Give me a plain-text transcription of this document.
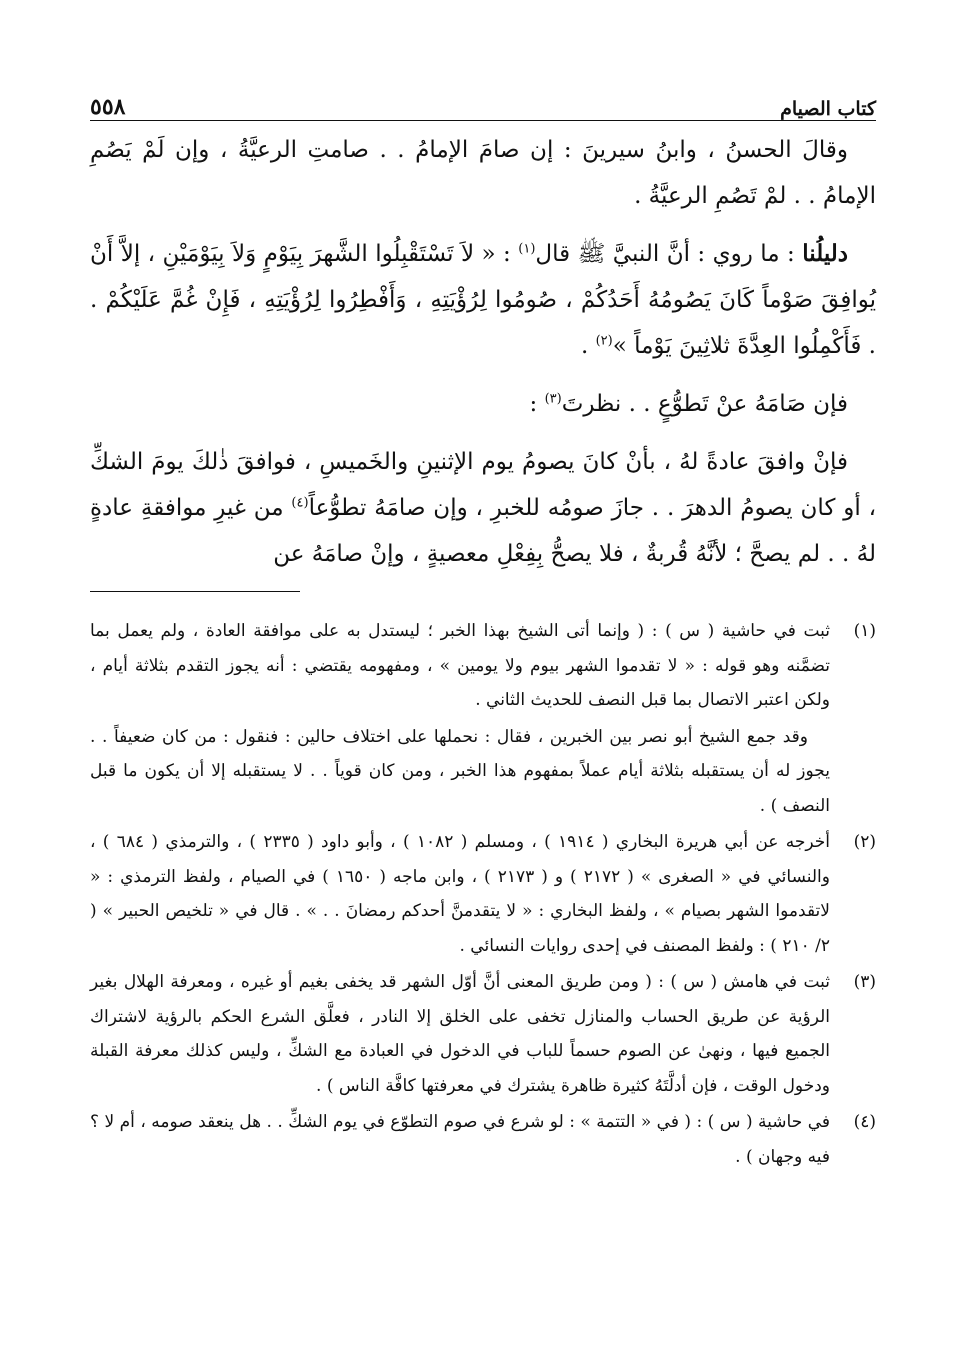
كتاب الصيام
٥٥٨

وقالَ الحسنُ ، وابنُ سيرينَ : إن صامَ الإمامُ . . صامتِ الرعيَّةُ ، وإن لَمْ يَصُمِ الإمامُ . . لمْ تَصُمِ الرعيَّةُ .

دليلُنا : ما روي : أنَّ النبيَّ ﷺ قال$^{(١)}$ : « لاَ تَسْتَقْبِلُوا الشَّهرَ بِيَوْمٍ وَلاَ بِيَوْمَيْنِ ، إلاَّ أَنْ يُوافِقَ صَوْماً كَانَ يَصُومُهُ أَحَدُكُمْ ، صُومُوا لِرُؤْيَتِهِ ، وَأَفْطِرُوا لِرُؤْيَتِهِ ، فَإِنْ غُمَّ عَلَيْكُمْ . . فَأَكْمِلُوا العِدَّةَ ثلاثِينَ يَوْماً »$^{(٢)}$ .

فإن صَامَهُ عنْ تَطوُّعٍ . . نظرتَ$^{(٣)}$ :

فإنْ وافقَ عادةً لهُ ، بأنْ كانَ يصومُ يوم الإثنينِ والخَميسِ ، فوافقَ ذٰلكَ يومَ الشكِّ ، أو كان يصومُ الدهرَ . . جازَ صومُه للخبرِ ، وإن صامَهُ تطوُّعاً$^{(٤)}$ من غيرِ موافقةِ عادةٍ لهُ . . لم يصحَّ ؛ لأنَّهُ قُربةٌ ، فلا يصحُّ بِفِعْلِ معصيةٍ ، وإنْ صامَهُ عن

(١)

ثبت في حاشية ( س ) : ( وإنما أتى الشيخ بهذا الخبر ؛ ليستدل به على موافقة العادة ، ولم يعمل بما تضمَّنه وهو قوله : « لا تقدموا الشهر بيوم ولا يومين » ، ومفهومه يقتضي : أنه يجوز التقدم بثلاثة أيام ، ولكن اعتبر الاتصال بما قبل النصف للحديث الثاني .

وقد جمع الشيخ أبو نصر بين الخبرين ، فقال : نحملها على اختلاف حالين : فنقول : من كان ضعيفاً . . يجوز له أن يستقبله بثلاثة أيام عملاً بمفهوم هذا الخبر ، ومن كان قوياً . . لا يستقبله إلا أن يكون ما قبل النصف ) .

(٢)

أخرجه عن أبي هريرة البخاري ( ١٩١٤ ) ، ومسلم ( ١٠٨٢ ) ، وأبو داود ( ٢٣٣٥ ) ، والترمذي ( ٦٨٤ ) ، والنسائي في « الصغرى » ( ٢١٧٢ ) و ( ٢١٧٣ ) ، وابن ماجه ( ١٦٥٠ ) في الصيام ، ولفظ الترمذي : « لاتقدموا الشهر بصيام » ، ولفظ البخاري : « لا يتقدمنَّ أحدكم رمضانَ . . » . قال في « تلخيص الحبير » ( ٢/ ٢١٠ ) : ولفظ المصنف في إحدى روايات النسائي .

(٣)

ثبت في هامش ( س ) : ( ومن طريق المعنى أنَّ أوّل الشهر قد يخفى بغيم أو غيره ، ومعرفة الهلال بغير الرؤية عن طريق الحساب والمنازل تخفى على الخلق إلا النادر ، فعلَّق الشرع الحكم بالرؤية لاشتراك الجميع فيها ، ونهىٰ عن الصوم حسماً للباب في الدخول في العبادة مع الشكِّ ، وليس كذلك معرفة القبلة ودخول الوقت ، فإن أدلَّتَهُ كثيرة ظاهرة يشترك في معرفتها كافَّة الناس ) .

(٤)

في حاشية ( س ) : ( في « التتمة » : لو شرع في صوم التطوّع في يوم الشكِّ . . هل ينعقد صومه ، أم لا ؟ فيه وجهان ) .
